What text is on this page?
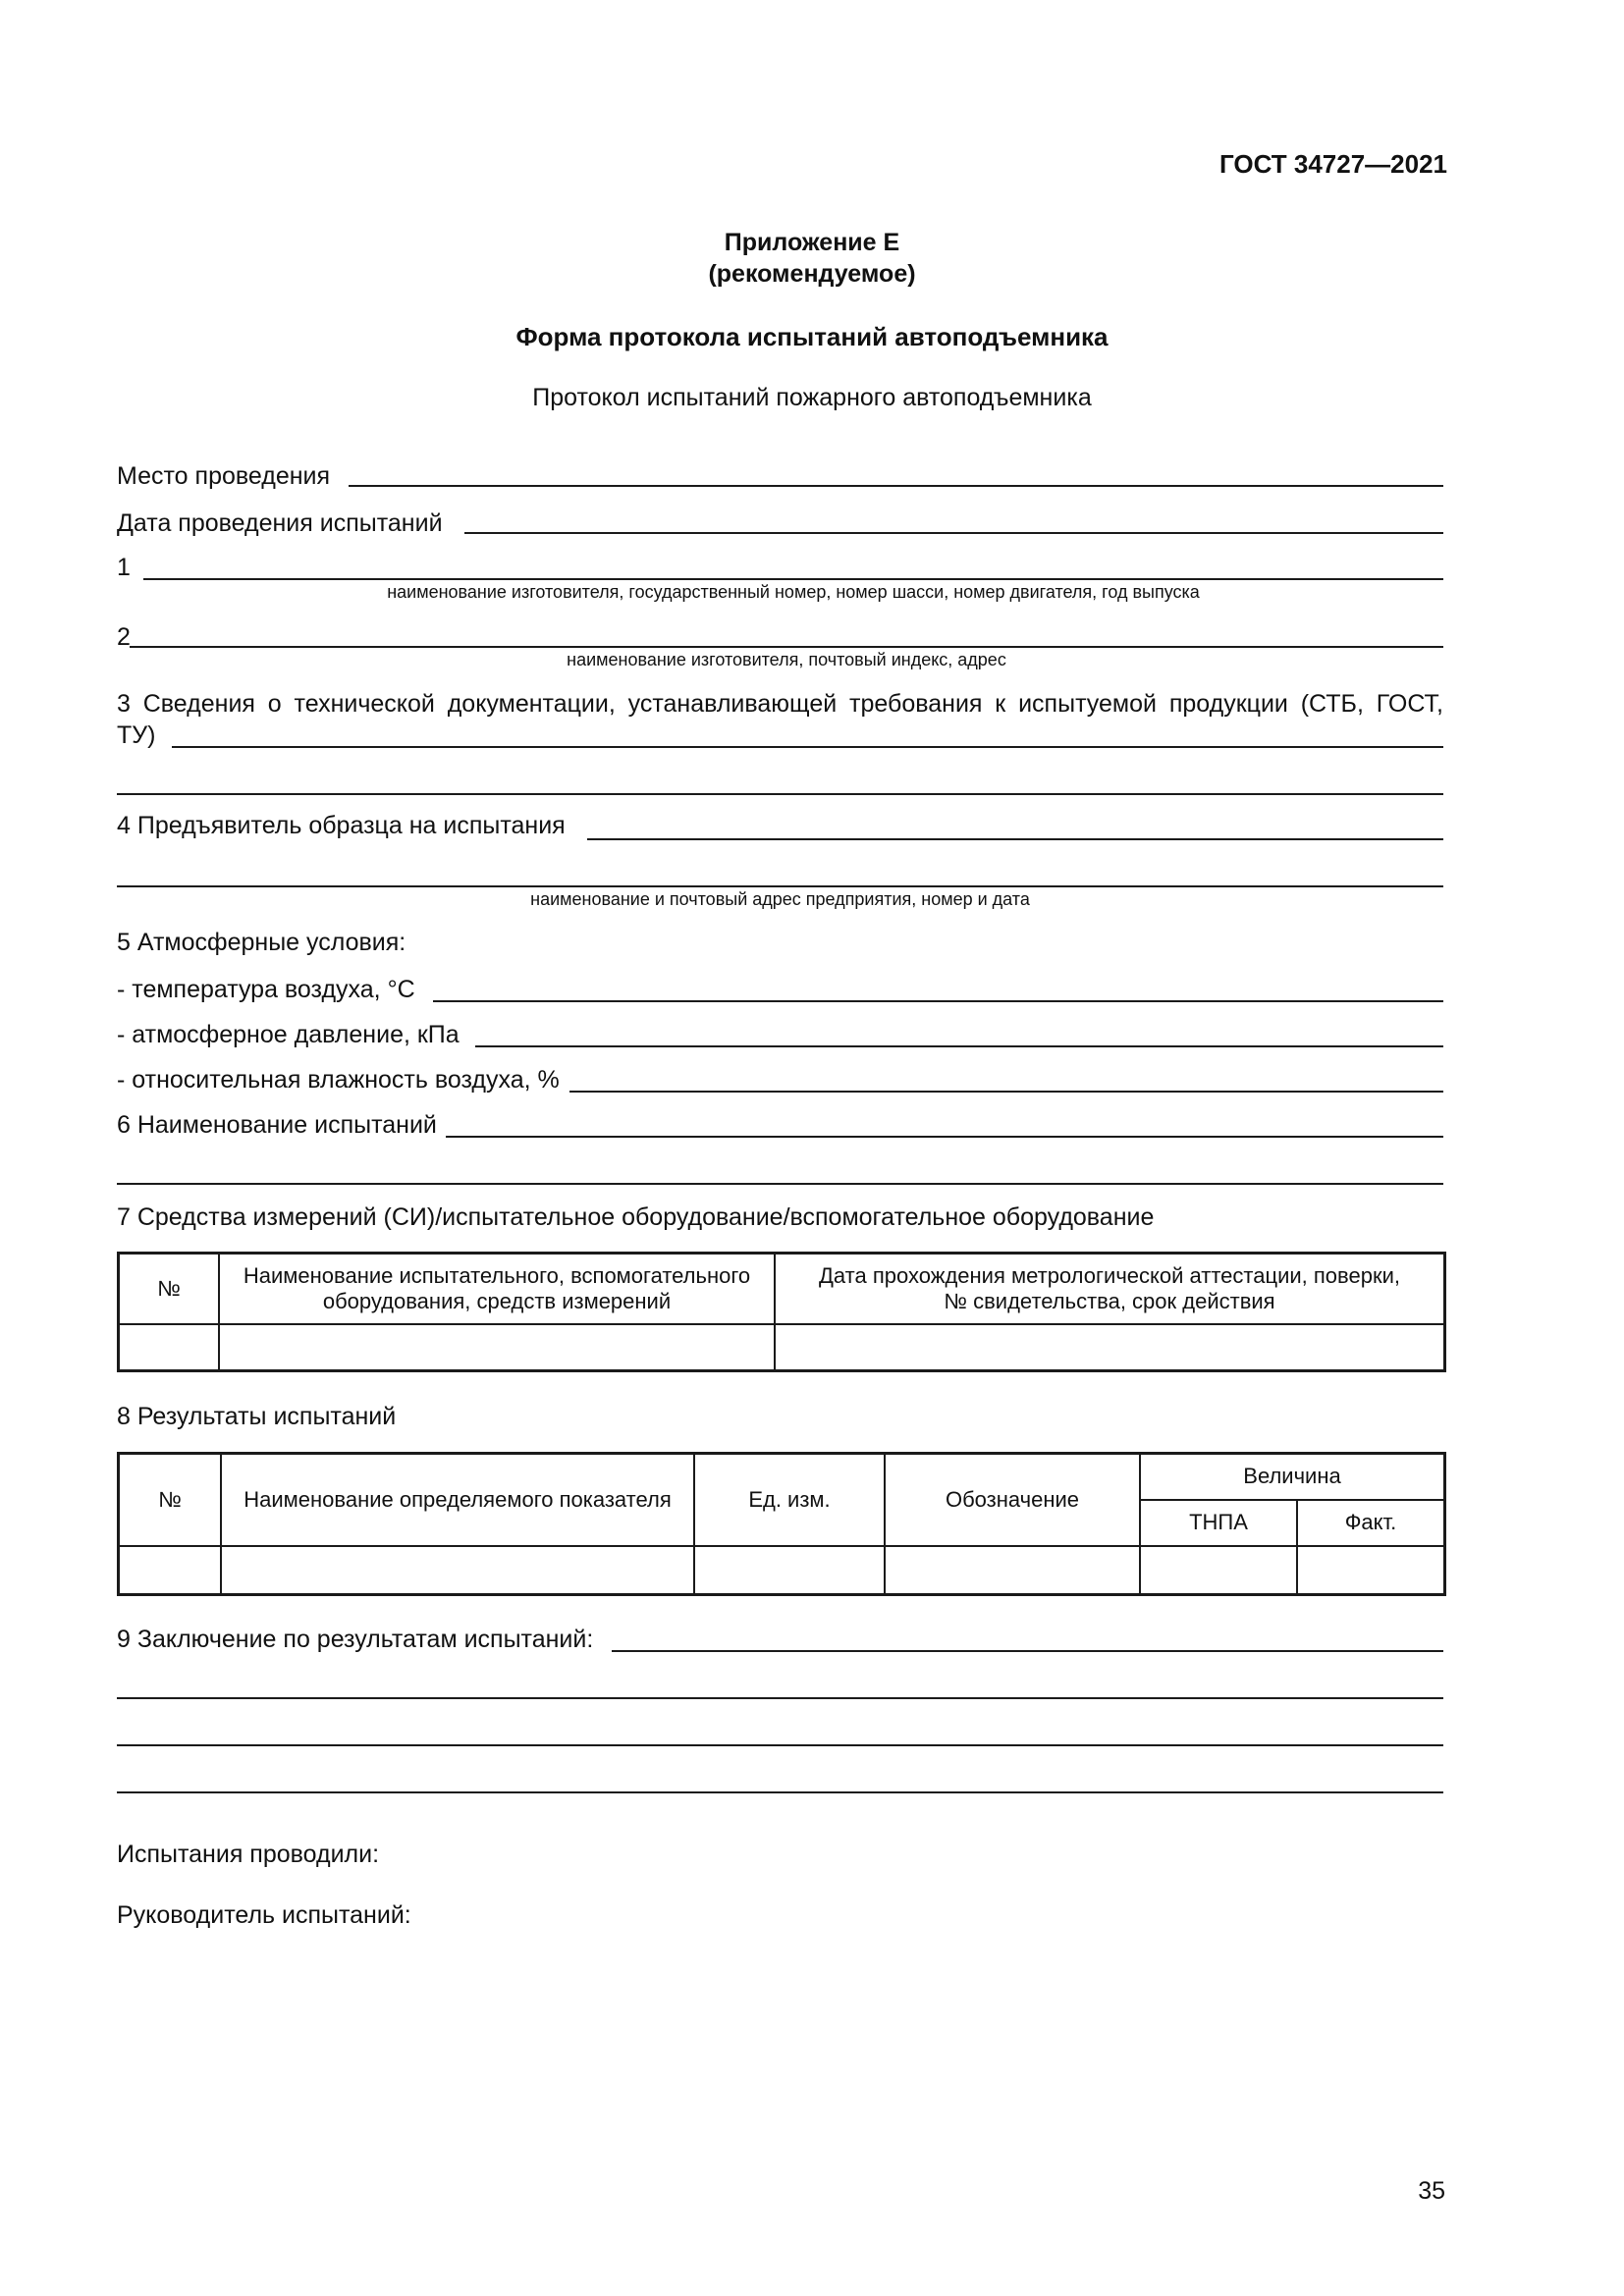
ГОСТ 34727—2021
Приложение Е
(рекомендуемое)
Форма протокола испытаний автоподъемника
Протокол испытаний пожарного автоподъемника
Место проведения
Дата проведения испытаний
1
наименование изготовителя, государственный номер, номер шасси, номер двигателя, год выпуска
2
наименование изготовителя, почтовый индекс, адрес
3 Сведения о технической документации, устанавливающей требования к испытуемой продукции (СТБ, ГОСТ,
ТУ)
4 Предъявитель образца на испытания
наименование и почтовый адрес предприятия, номер и дата
5 Атмосферные условия:
- температура воздуха, °С
- атмосферное давление, кПа
- относительная влажность воздуха, %
6 Наименование испытаний
7 Средства измерений (СИ)/испытательное оборудование/вспомогательное оборудование
№	Наименование испытательного, вспомогательного
оборудования, средств измерений	Дата прохождения метрологической аттестации, поверки,
№ свидетельства, срок действия

8 Результаты испытаний
№	Наименование определяемого показателя	Ед. изм.	Обозначение	Величина	
				ТНПА	Факт.

9 Заключение по результатам испытаний:
Испытания проводили:
Руководитель испытаний:
35
